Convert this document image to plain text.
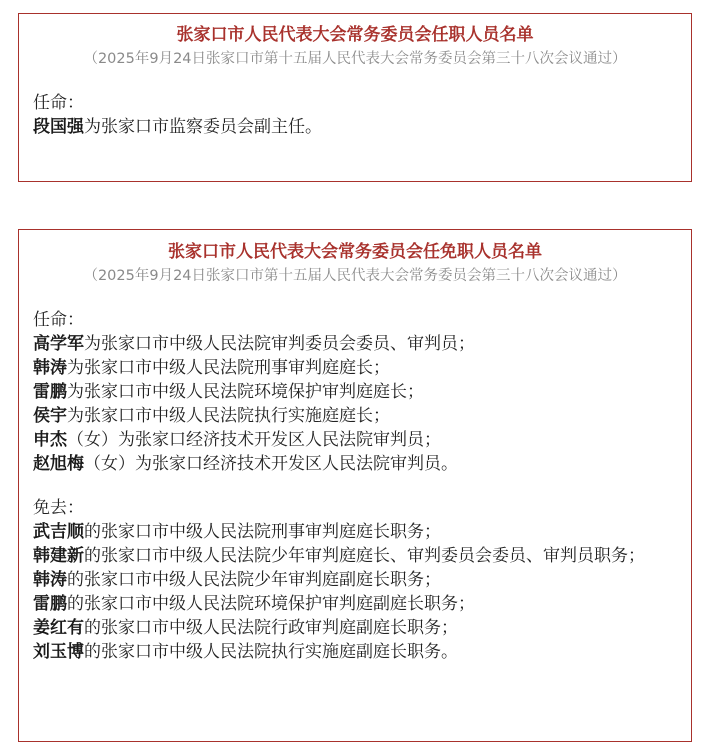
张家口市人民代表大会常务委员会任职人员名单
（2025年9月24日张家口市第十五届人民代表大会常务委员会第三十八次会议通过）
任命：
段国强为张家口市监察委员会副主任。
张家口市人民代表大会常务委员会任免职人员名单
（2025年9月24日张家口市第十五届人民代表大会常务委员会第三十八次会议通过）
任命：
高学军为张家口市中级人民法院审判委员会委员、审判员；
韩涛为张家口市中级人民法院刑事审判庭庭长；
雷鹏为张家口市中级人民法院环境保护审判庭庭长；
侯宇为张家口市中级人民法院执行实施庭庭长；
申杰（女）为张家口经济技术开发区人民法院审判员；
赵旭梅（女）为张家口经济技术开发区人民法院审判员。
免去：
武吉顺的张家口市中级人民法院刑事审判庭庭长职务；
韩建新的张家口市中级人民法院少年审判庭庭长、审判委员会委员、审判员职务；
韩涛的张家口市中级人民法院少年审判庭副庭长职务；
雷鹏的张家口市中级人民法院环境保护审判庭副庭长职务；
姜红有的张家口市中级人民法院行政审判庭副庭长职务；
刘玉博的张家口市中级人民法院执行实施庭副庭长职务。
